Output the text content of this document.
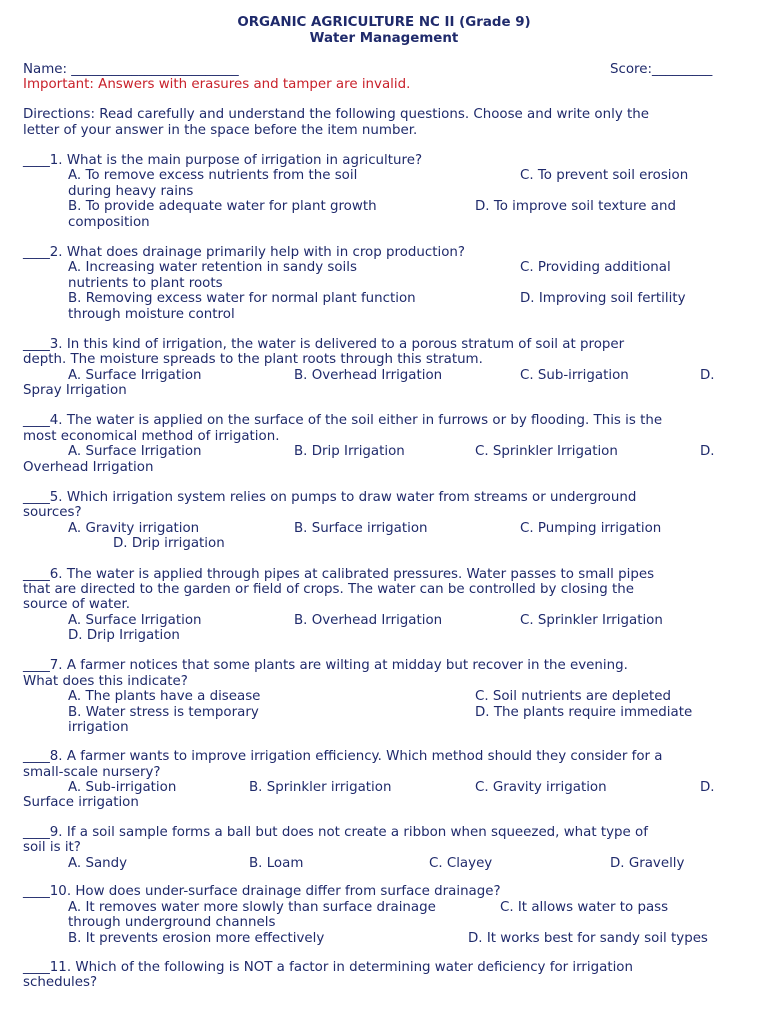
ORGANIC AGRICULTURE NC II (Grade 9)
Water Management
Name: _________________________	Score:_________
Important: Answers with erasures and tamper are invalid.
Directions: Read carefully and understand the following questions. Choose and write only the
letter of your answer in the space before the item number.
____1. What is the main purpose of irrigation in agriculture?
A. To remove excess nutrients from the soil	C. To prevent soil erosion
during heavy rains
B. To provide adequate water for plant growth	D. To improve soil texture and
composition
____2. What does drainage primarily help with in crop production?
A. Increasing water retention in sandy soils	C. Providing additional
nutrients to plant roots
B. Removing excess water for normal plant function	D. Improving soil fertility
through moisture control
____3. In this kind of irrigation, the water is delivered to a porous stratum of soil at proper
depth. The moisture spreads to the plant roots through this stratum.
A. Surface Irrigation	B. Overhead Irrigation	C. Sub-irrigation	D.
Spray Irrigation
____4. The water is applied on the surface of the soil either in furrows or by flooding. This is the
most economical method of irrigation.
A. Surface Irrigation	B. Drip Irrigation	C. Sprinkler Irrigation	D.
Overhead Irrigation
____5. Which irrigation system relies on pumps to draw water from streams or underground
sources?
A. Gravity irrigation	B. Surface irrigation	C. Pumping irrigation
D. Drip irrigation
____6. The water is applied through pipes at calibrated pressures. Water passes to small pipes
that are directed to the garden or field of crops. The water can be controlled by closing the
source of water.
A. Surface Irrigation	B. Overhead Irrigation	C. Sprinkler Irrigation
D. Drip Irrigation
____7. A farmer notices that some plants are wilting at midday but recover in the evening.
What does this indicate?
A. The plants have a disease	C. Soil nutrients are depleted
B. Water stress is temporary	D. The plants require immediate
irrigation
____8. A farmer wants to improve irrigation efficiency. Which method should they consider for a
small-scale nursery?
A. Sub-irrigation	B. Sprinkler irrigation	C. Gravity irrigation	D.
Surface irrigation
____9. If a soil sample forms a ball but does not create a ribbon when squeezed, what type of
soil is it?
A. Sandy	B. Loam	C. Clayey	D. Gravelly
____10. How does under-surface drainage differ from surface drainage?
A. It removes water more slowly than surface drainage	C. It allows water to pass
through underground channels
B. It prevents erosion more effectively	D. It works best for sandy soil types
____11. Which of the following is NOT a factor in determining water deficiency for irrigation
schedules?
